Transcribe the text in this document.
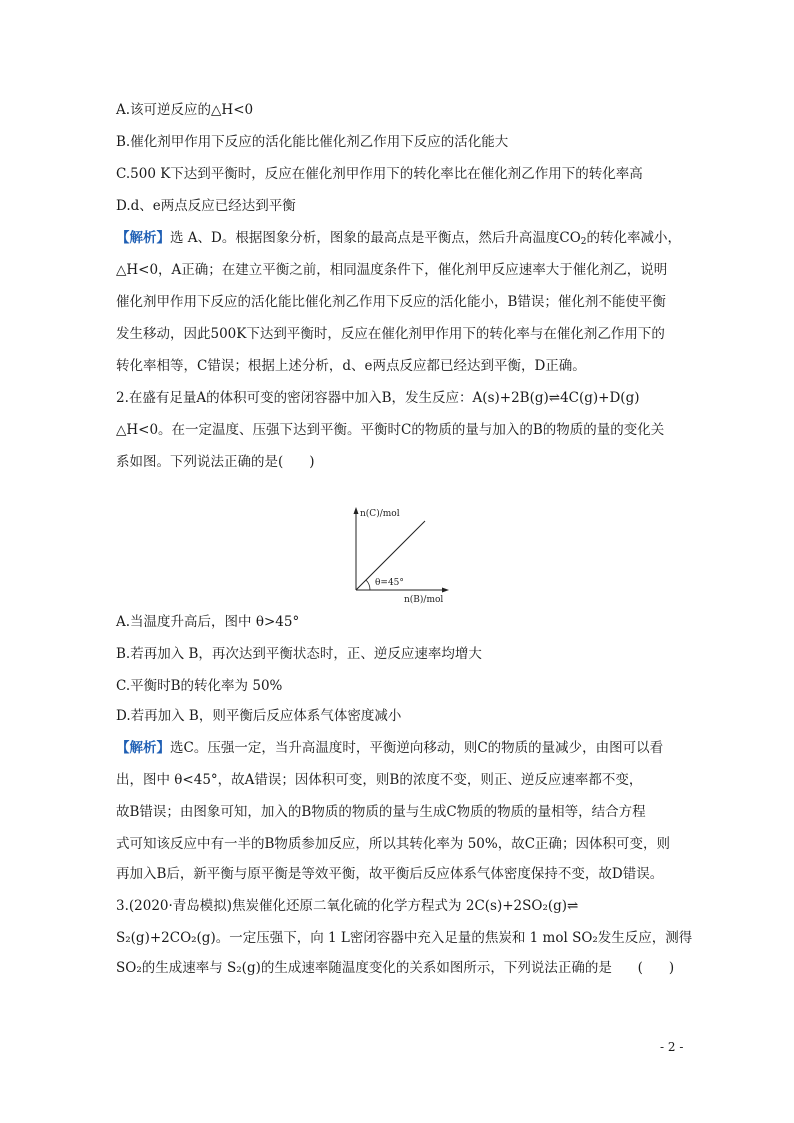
A.该可逆反应的△H<0
B.催化剂甲作用下反应的活化能比催化剂乙作用下反应的活化能大
C.500 K下达到平衡时，反应在催化剂甲作用下的转化率比在催化剂乙作用下的转化率高
D.d、e两点反应已经达到平衡
【解析】选 A、D。根据图象分析，图象的最高点是平衡点，然后升高温度$CO_2$的转化率减小，
△H<0，A正确；在建立平衡之前，相同温度条件下，催化剂甲反应速率大于催化剂乙，说明
催化剂甲作用下反应的活化能比催化剂乙作用下反应的活化能小，B错误；催化剂不能使平衡
发生移动，因此500K下达到平衡时，反应在催化剂甲作用下的转化率与在催化剂乙作用下的
转化率相等，C错误；根据上述分析，d、e两点反应都已经达到平衡，D正确。
2.在盛有足量A的体积可变的密闭容器中加入B，发生反应：A(s)+2B(g)⇌4C(g)+D(g)
△H<0。在一定温度、压强下达到平衡。平衡时C的物质的量与加入的B的物质的量的变化关
系如图。下列说法正确的是( )
n(C)/mol
θ=45°
n(B)/mol
A.当温度升高后，图中 θ>45°
B.若再加入 B，再次达到平衡状态时，正、逆反应速率均增大
C.平衡时B的转化率为 50%
D.若再加入 B，则平衡后反应体系气体密度减小
【解析】选C。压强一定，当升高温度时，平衡逆向移动，则C的物质的量减少，由图可以看
出，图中 θ<45°，故A错误；因体积可变，则B的浓度不变，则正、逆反应速率都不变，
故B错误；由图象可知，加入的B物质的物质的量与生成C物质的物质的量相等，结合方程
式可知该反应中有一半的B物质参加反应，所以其转化率为 50%，故C正确；因体积可变，则
再加入B后，新平衡与原平衡是等效平衡，故平衡后反应体系气体密度保持不变，故D错误。
3.(2020·青岛模拟)焦炭催化还原二氧化硫的化学方程式为 2C(s)+2SO₂(g)⇌
S₂(g)+2CO₂(g)。一定压强下，向 1 L密闭容器中充入足量的焦炭和 1 mol SO₂发生反应，测得
SO₂的生成速率与 S₂(g)的生成速率随温度变化的关系如图所示，下列说法正确的是 ( )
- 2 -
